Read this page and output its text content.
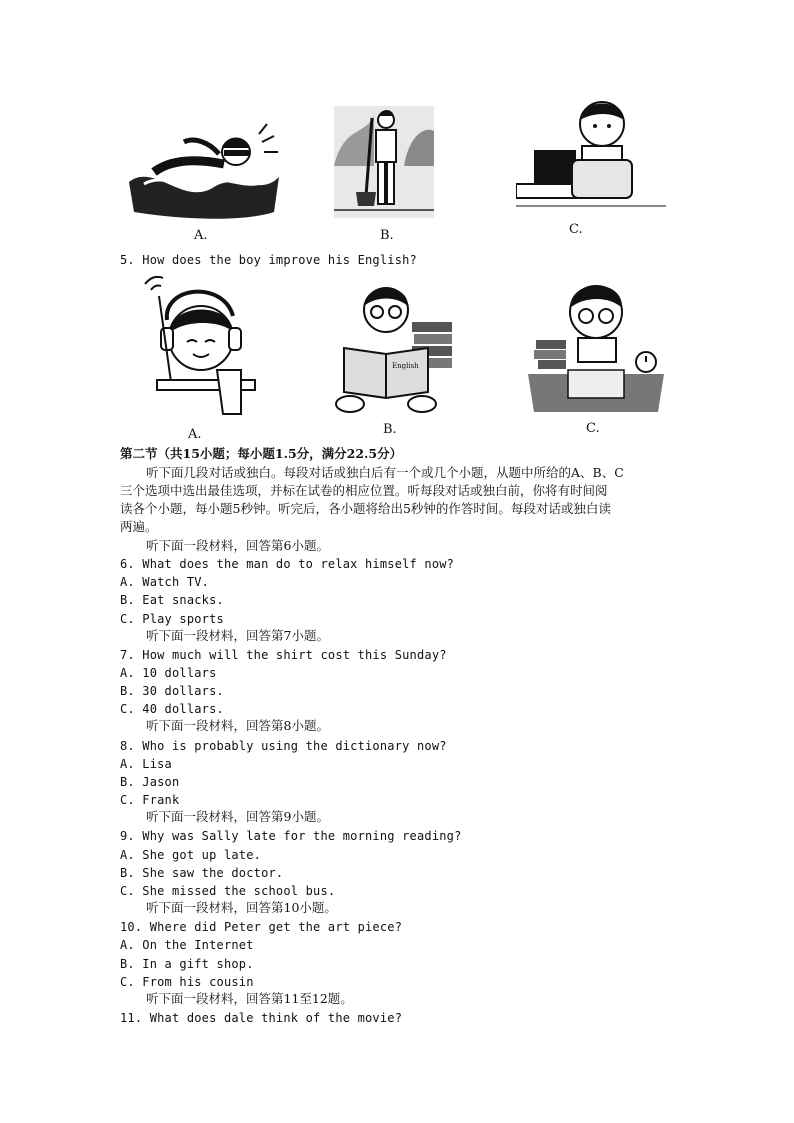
A.	B.	C.
5. How does the boy improve his English?
A.
English
B.	C.
第二节（共15小题；每小题1.5分，满分22.5分）
听下面几段对话或独白。每段对话或独白后有一个或几个小题，从题中所给的A、B、C
三个选项中选出最佳选项，并标在试卷的相应位置。听每段对话或独白前，你将有时间阅
读各个小题，每小题5秒钟。听完后，各小题将给出5秒钟的作答时间。每段对话或独白读
两遍。
听下面一段材料，回答第6小题。
6. What does the man do to relax himself now?
A. Watch TV.
B. Eat snacks.
C. Play sports
听下面一段材料，回答第7小题。
7. How much will the shirt cost this Sunday?
A. 10 dollars
B. 30 dollars.
C. 40 dollars.
听下面一段材料，回答第8小题。
8. Who is probably using the dictionary now?
A. Lisa
B. Jason
C. Frank
听下面一段材料，回答第9小题。
9. Why was Sally late for the morning reading?
A. She got up late.
B. She saw the doctor.
C. She missed the school bus.
听下面一段材料，回答第10小题。
10. Where did Peter get the art piece?
A. On the Internet
B. In a gift shop.
C. From his cousin
听下面一段材料，回答第11至12题。
11. What does dale think of the movie?
